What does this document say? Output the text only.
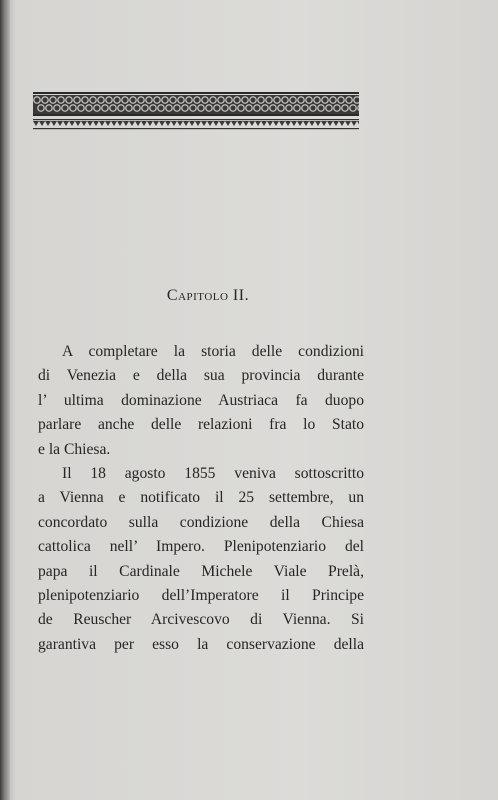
Capitolo II.
A completare la storia delle condizioni
di Venezia e della sua provincia durante
l’ ultima dominazione Austriaca fa duopo
parlare anche delle relazioni fra lo Stato
e la Chiesa.
Il 18 agosto 1855 veniva sottoscritto
a Vienna e notificato il 25 settembre, un
concordato sulla condizione della Chiesa
cattolica nell’ Impero. Plenipotenziario del
papa il Cardinale Michele Viale Prelà,
plenipotenziario dell’Imperatore il Principe
de Reuscher Arcivescovo di Vienna. Si
garantiva per esso la conservazione della
